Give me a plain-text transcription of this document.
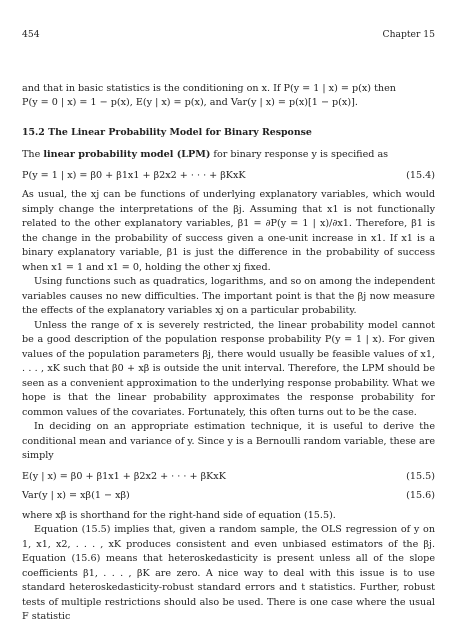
454	Chapter 15

and that in basic statistics is the conditioning on x. If P(y = 1 | x) = p(x) then

P(y = 0 | x) = 1 − p(x), E(y | x) = p(x), and Var(y | x) = p(x)[1 − p(x)].

15.2 The Linear Probability Model for Binary Response

The linear probability model (LPM) for binary response y is specified as

P(y = 1 | x) = β0 + β1x1 + β2x2 + · · · + βKxK	(15.4)

As usual, the xj can be functions of underlying explanatory variables, which would simply change the interpretations of the βj. Assuming that x1 is not functionally related to the other explanatory variables, β1 = ∂P(y = 1 | x)/∂x1. Therefore, β1 is the change in the probability of success given a one-unit increase in x1. If x1 is a binary explanatory variable, β1 is just the difference in the probability of success when x1 = 1 and x1 = 0, holding the other xj fixed.

Using functions such as quadratics, logarithms, and so on among the independent variables causes no new difficulties. The important point is that the βj now measure the effects of the explanatory variables xj on a particular probability.

Unless the range of x is severely restricted, the linear probability model cannot be a good description of the population response probability P(y = 1 | x). For given values of the population parameters βj, there would usually be feasible values of x1, . . . , xK such that β0 + xβ is outside the unit interval. Therefore, the LPM should be seen as a convenient approximation to the underlying response probability. What we hope is that the linear probability approximates the response probability for common values of the covariates. Fortunately, this often turns out to be the case.

In deciding on an appropriate estimation technique, it is useful to derive the conditional mean and variance of y. Since y is a Bernoulli random variable, these are simply

E(y | x) = β0 + β1x1 + β2x2 + · · · + βKxK	(15.5)
Var(y | x) = xβ(1 − xβ)	(15.6)

where xβ is shorthand for the right-hand side of equation (15.5).

Equation (15.5) implies that, given a random sample, the OLS regression of y on 1, x1, x2, . . . , xK produces consistent and even unbiased estimators of the βj. Equation (15.6) means that heteroskedasticity is present unless all of the slope coefficients β1, . . . , βK are zero. A nice way to deal with this issue is to use standard heteroskedasticity-robust standard errors and t statistics. Further, robust tests of multiple restrictions should also be used. There is one case where the usual F statistic
